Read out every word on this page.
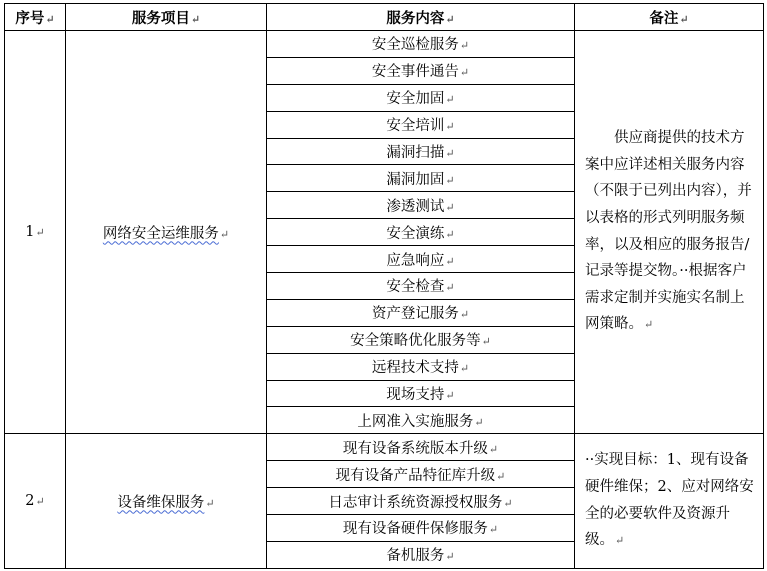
序号↵	服务项目↵	服务内容↵	备注↵
1↵	网络安全运维服务↵	安全巡检服务↵	　　供应商提供的技术方案中应详述相关服务内容（不限于已列出内容），并以表格的形式列明服务频率，以及相应的服务报告/记录等提交物。··根据客户需求定制并实施实名制上网策略。↵
		安全事件通告↵	
		安全加固↵	
		安全培训↵	
		漏洞扫描↵	
		漏洞加固↵	
		渗透测试↵	
		安全演练↵	
		应急响应↵	
		安全检查↵	
		资产登记服务↵	
		安全策略优化服务等↵	
		远程技术支持↵	
		现场支持↵	
		上网准入实施服务↵	
2↵	设备维保服务↵	现有设备系统版本升级↵	··实现目标：1、现有设备硬件维保；2、应对网络安全的必要软件及资源升级。↵
		现有设备产品特征库升级↵	
		日志审计系统资源授权服务↵	
		现有设备硬件保修服务↵	
		备机服务↵	
